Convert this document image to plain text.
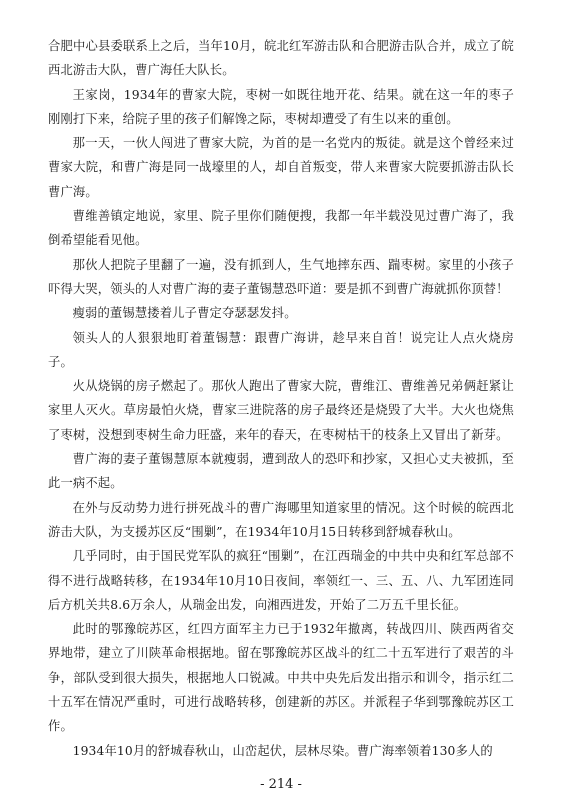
合肥中心县委联系上之后，当年10月，皖北红军游击队和合肥游击队合并，成立了皖西北游击大队，曹广海任大队长。

王家岗，1934年的曹家大院，枣树一如既往地开花、结果。就在这一年的枣子刚刚打下来，给院子里的孩子们解馋之际，枣树却遭受了有生以来的重创。

那一天，一伙人闯进了曹家大院，为首的是一名党内的叛徒。就是这个曾经来过曹家大院，和曹广海是同一战壕里的人，却自首叛变，带人来曹家大院要抓游击队长曹广海。

曹维善镇定地说，家里、院子里你们随便搜，我都一年半载没见过曹广海了，我倒希望能看见他。

那伙人把院子里翻了一遍，没有抓到人，生气地摔东西、踹枣树。家里的小孩子吓得大哭，领头的人对曹广海的妻子董锡慧恐吓道：要是抓不到曹广海就抓你顶替！

瘦弱的董锡慧搂着儿子曹定夺瑟瑟发抖。

领头人的人狠狠地盯着董锡慧：跟曹广海讲，趁早来自首！说完让人点火烧房子。

火从烧锅的房子燃起了。那伙人跑出了曹家大院，曹维江、曹维善兄弟俩赶紧让家里人灭火。草房最怕火烧，曹家三进院落的房子最终还是烧毁了大半。大火也烧焦了枣树，没想到枣树生命力旺盛，来年的春天，在枣树枯干的枝条上又冒出了新芽。

曹广海的妻子董锡慧原本就瘦弱，遭到敌人的恐吓和抄家，又担心丈夫被抓，至此一病不起。

在外与反动势力进行拼死战斗的曹广海哪里知道家里的情况。这个时候的皖西北游击大队，为支援苏区反“围剿”，在1934年10月15日转移到舒城春秋山。

几乎同时，由于国民党军队的疯狂“围剿”，在江西瑞金的中共中央和红军总部不得不进行战略转移，在1934年10月10日夜间，率领红一、三、五、八、九军团连同后方机关共8.6万余人，从瑞金出发，向湘西进发，开始了二万五千里长征。

此时的鄂豫皖苏区，红四方面军主力已于1932年撤离，转战四川、陕西两省交界地带，建立了川陕革命根据地。留在鄂豫皖苏区战斗的红二十五军进行了艰苦的斗争，部队受到很大损失，根据地人口锐减。中共中央先后发出指示和训令，指示红二十五军在情况严重时，可进行战略转移，创建新的苏区。并派程子华到鄂豫皖苏区工作。

1934年10月的舒城春秋山，山峦起伏，层林尽染。曹广海率领着130多人的

- 214 -
